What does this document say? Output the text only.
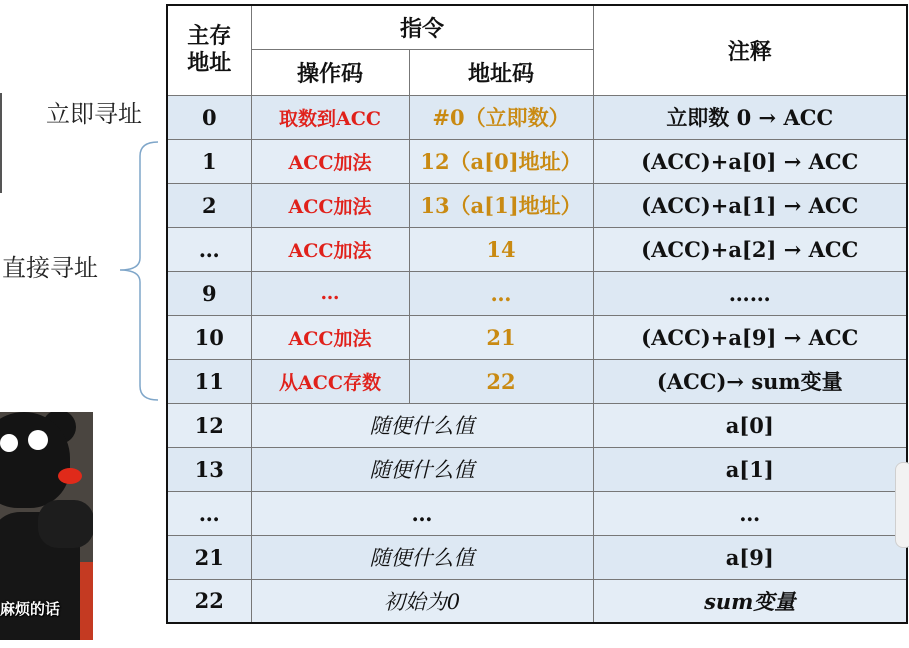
立即寻址
直接寻址
麻烦的话
主存
地址	指令		注释
	操作码	地址码	
0	取数到ACC	#0（立即数）	立即数 0 → ACC
1	ACC加法	12（a[0]地址）	(ACC)+a[0] → ACC
2	ACC加法	13（a[1]地址）	(ACC)+a[1] → ACC
…	ACC加法	14	(ACC)+a[2] → ACC
9	…	…	……
10	ACC加法	21	(ACC)+a[9] → ACC
11	从ACC存数	22	(ACC)→ sum变量
12	随便什么值		a[0]
13	随便什么值		a[1]
…	…		…
21	随便什么值		a[9]
22	初始为0		sum变量
